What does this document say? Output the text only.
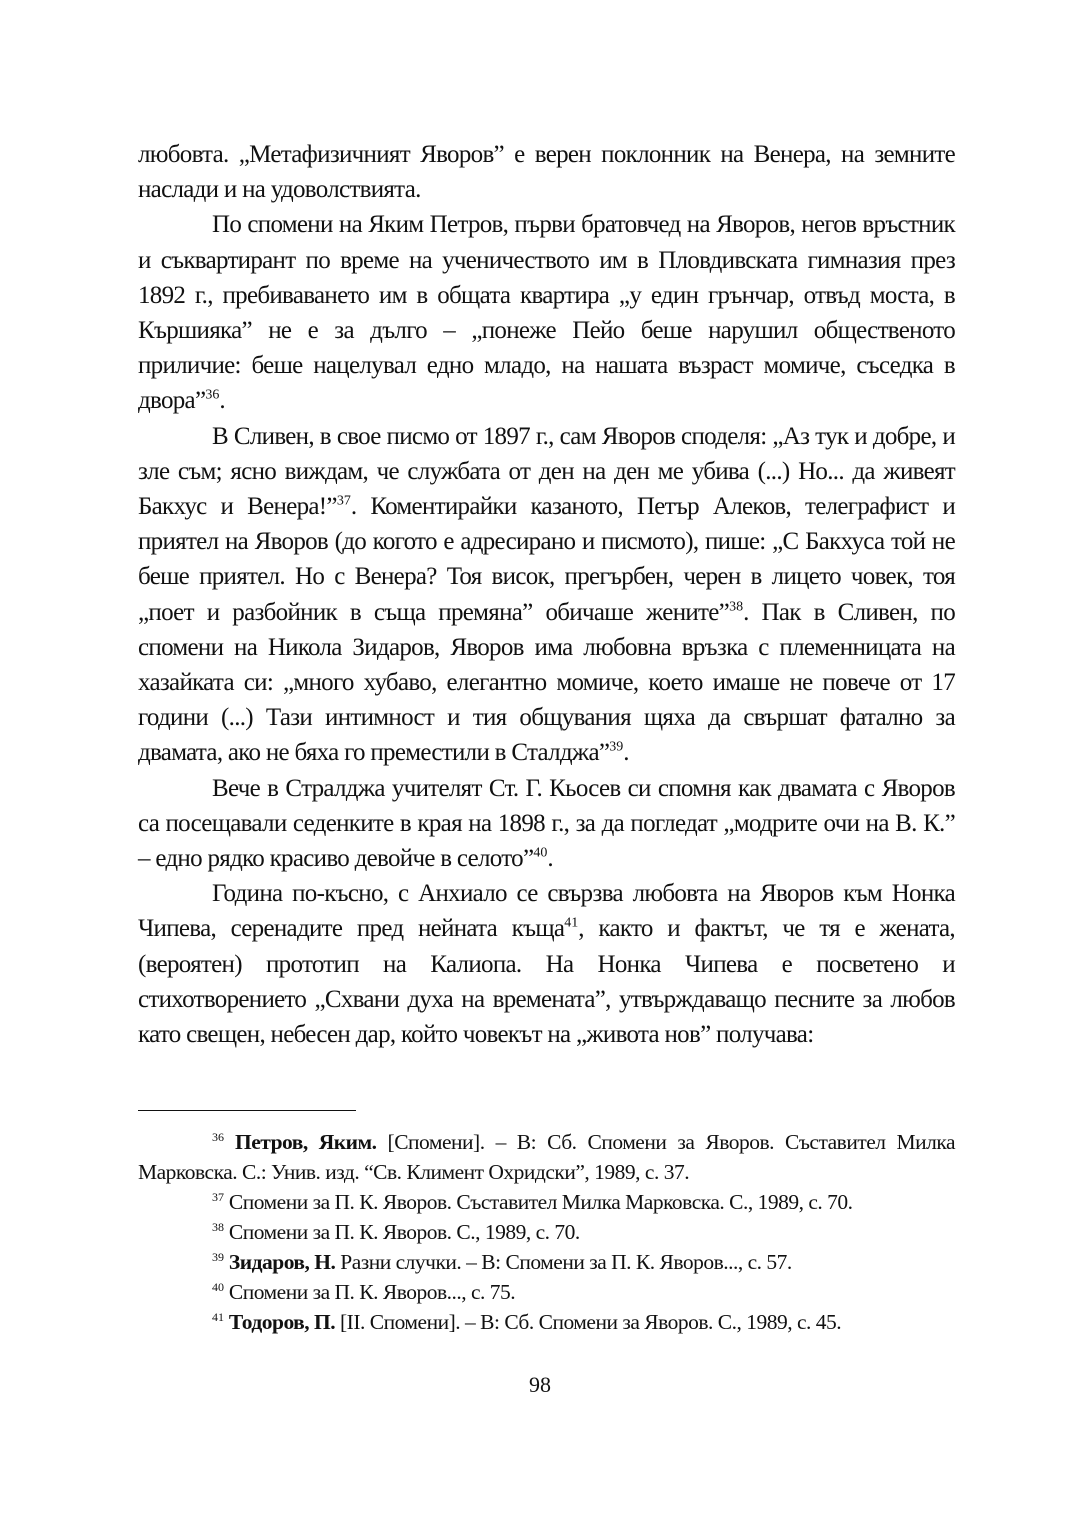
любовта. „Метафизичният Яворов” е верен поклонник на Венера, на земните наслади и на удоволствията.

По спомени на Яким Петров, първи братовчед на Яворов, негов връстник и съквартирант по време на ученичеството им в Пловдивската гимназия през 1892 г., пребиваването им в общата квартира „у един грънчар, отвъд моста, в Кършияка” не е за дълго – „понеже Пейо беше нарушил общественото приличие: беше нацелувал едно младо, на нашата възраст момиче, съседка в двора”$^{36}$.

В Сливен, в свое писмо от 1897 г., сам Яворов споделя: „Аз тук и добре, и зле съм; ясно виждам, че службата от ден на ден ме убива (...) Но... да живеят Бакхус и Венера!”$^{37}$. Коментирайки казаното, Петър Алеков, телеграфист и приятел на Яворов (до когото е адресирано и писмото), пише: „С Бакхуса той не беше приятел. Но с Венера? Тоя висок, прегърбен, черен в лицето човек, тоя „поет и разбойник в съща премяна” обичаше жените”$^{38}$. Пак в Сливен, по спомени на Никола Зидаров, Яворов има любовна връзка с племенницата на хазайката си: „много хубаво, елегантно момиче, което имаше не повече от 17 години (...) Тази интимност и тия общувания щяха да свършат фатално за двамата, ако не бяха го преместили в Сталджа”$^{39}$.

Вече в Стралджа учителят Ст. Г. Кьосев си спомня как двамата с Яворов са посещавали седенките в края на 1898 г., за да погледат „модрите очи на В. К.” – едно рядко красиво девойче в селото”$^{40}$.

Година по-късно, с Анхиало се свързва любовта на Яворов към Нонка Чипева, серенадите пред нейната къща$^{41}$, както и фактът, че тя е жената, (вероятен) прототип на Калиопа. На Нонка Чипева е посветено и стихотворението „Схвани духа на времената”, утвърждаващо песните за любов като свещен, небесен дар, който човекът на „живота нов” получава:

$^{36}$ Петров, Яким. [Спомени]. – В: Сб. Спомени за Яворов. Съставител Милка Марковска. С.: Унив. изд. “Св. Климент Охридски”, 1989, с. 37.

$^{37}$ Спомени за П. К. Яворов. Съставител Милка Марковска. С., 1989, с. 70.

$^{38}$ Спомени за П. К. Яворов. С., 1989, с. 70.

$^{39}$ Зидаров, Н. Разни случки. – В: Спомени за П. К. Яворов..., с. 57.

$^{40}$ Спомени за П. К. Яворов..., с. 75.

$^{41}$ Тодоров, П. [II. Спомени]. – В: Сб. Спомени за Яворов. С., 1989, с. 45.

98
